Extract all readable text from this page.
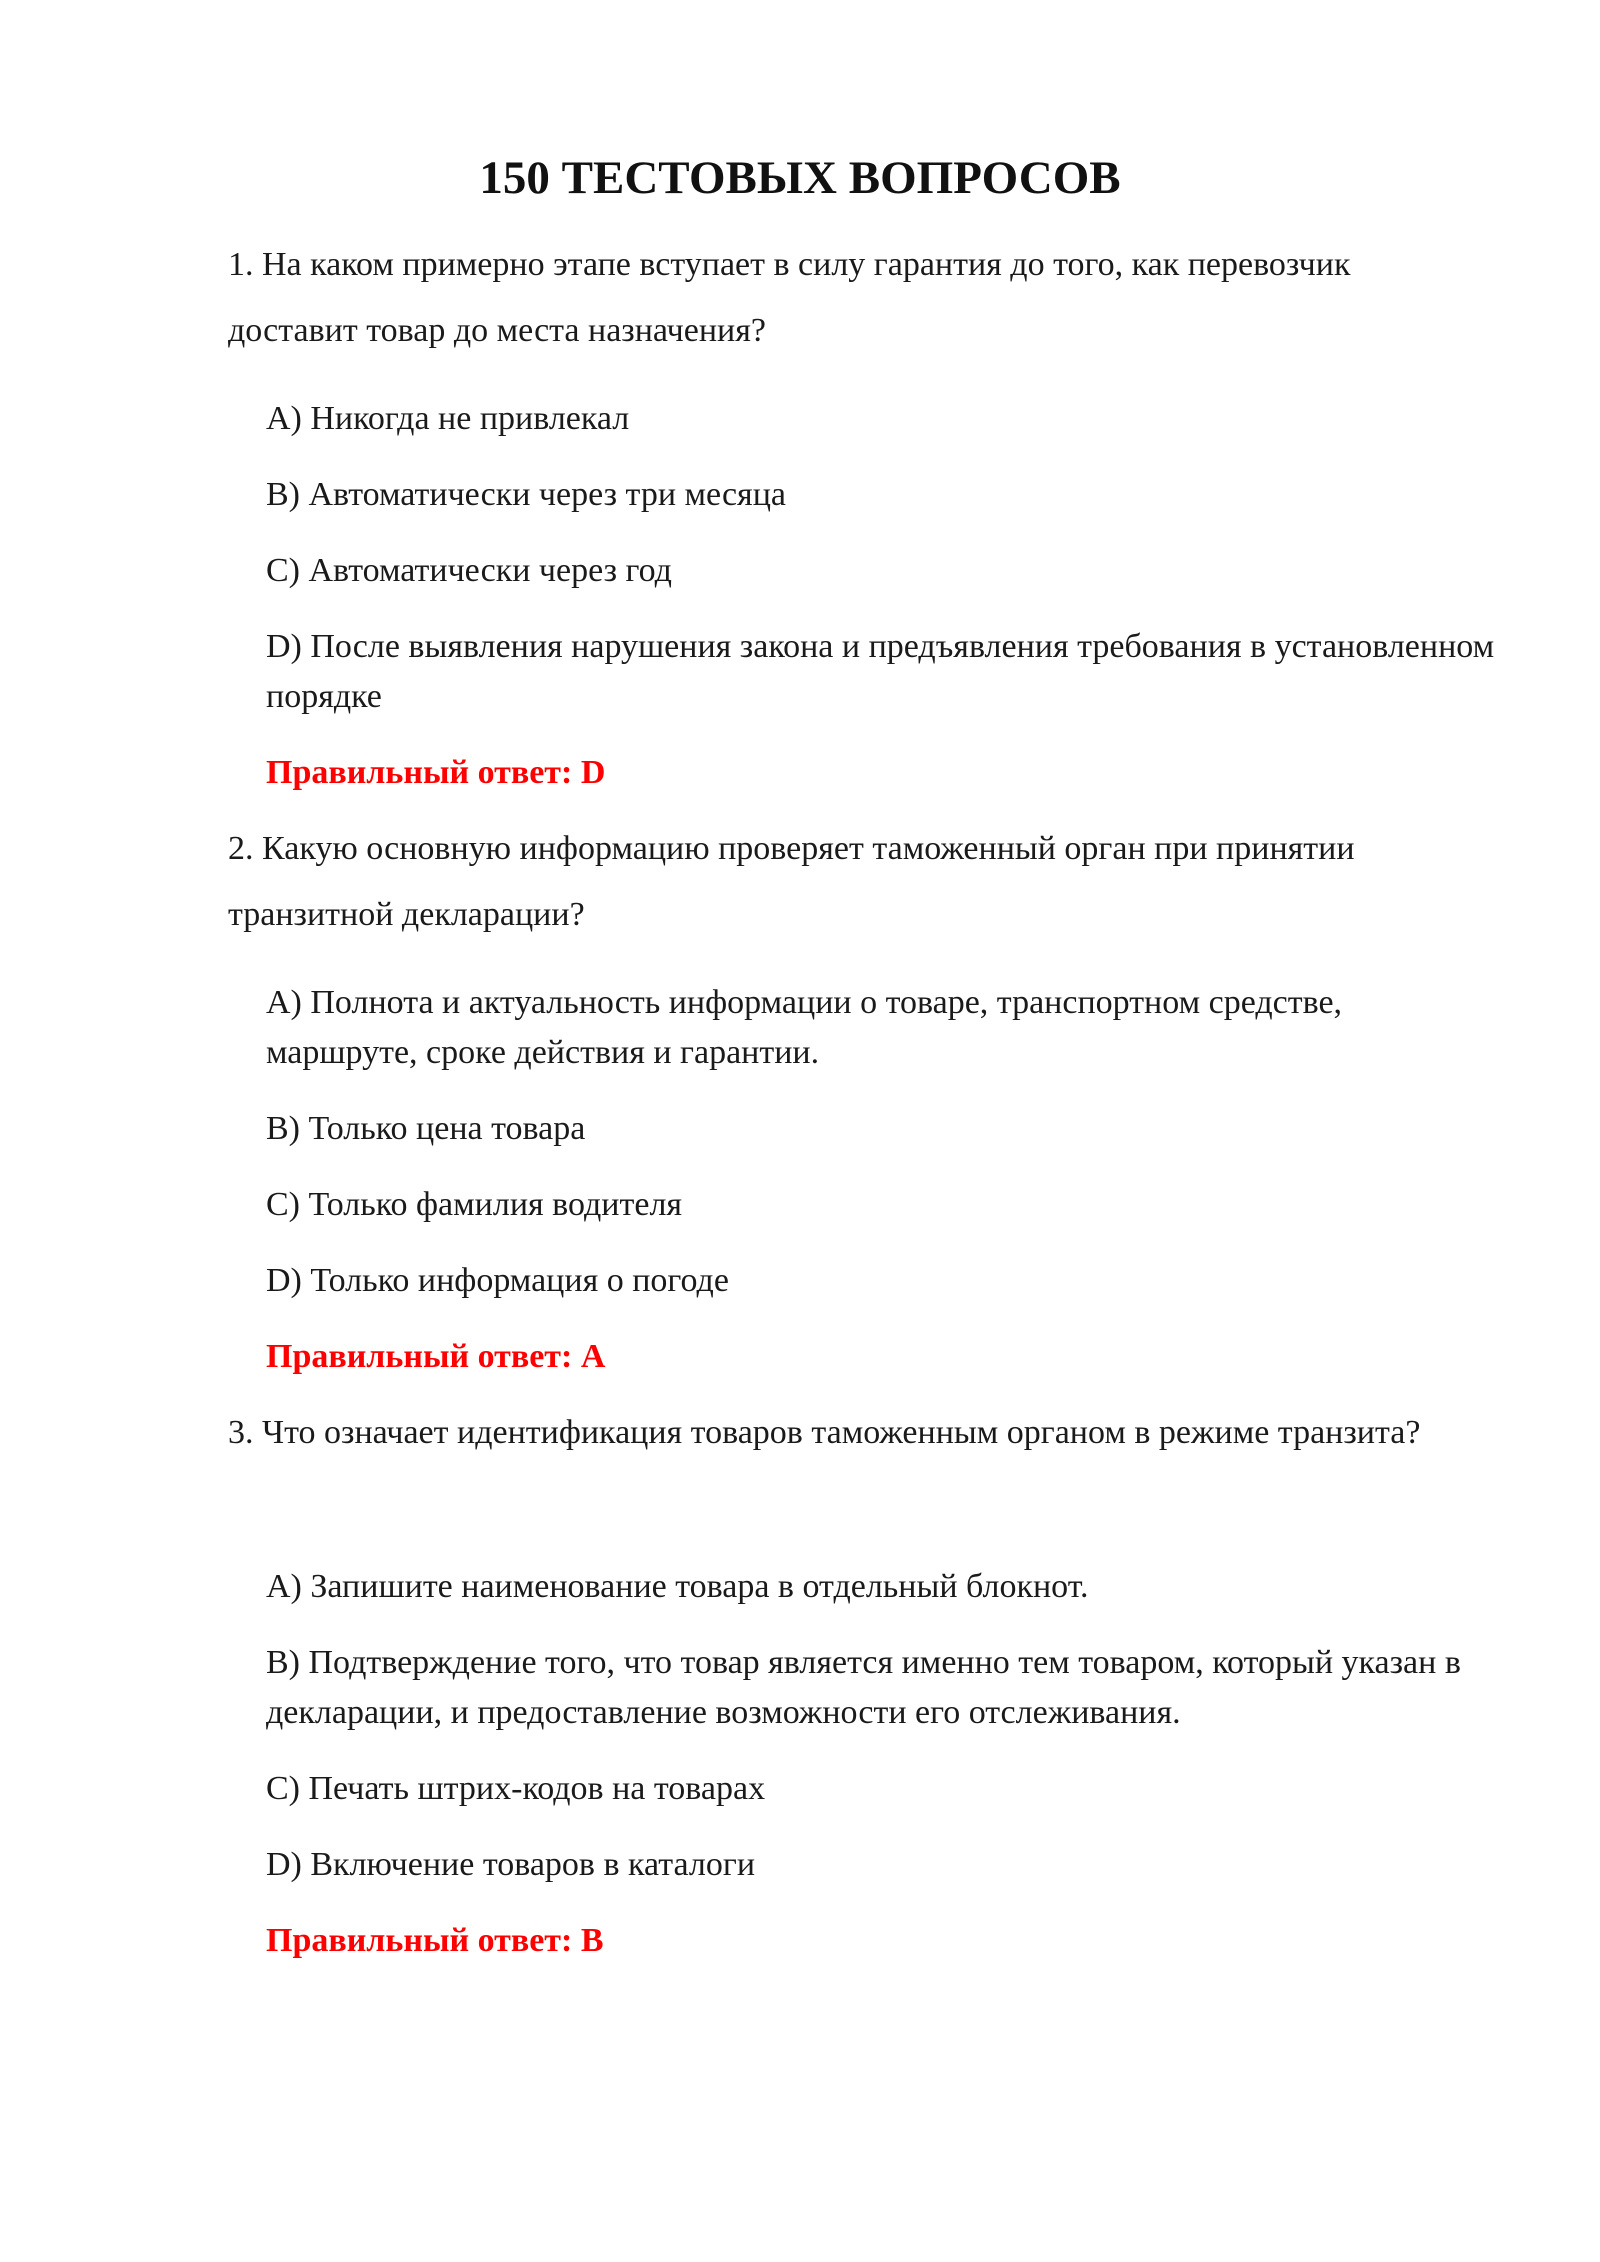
150 ТЕСТОВЫХ ВОПРОСОВ

1. На каком примерно этапе вступает в силу гарантия до того, как перевозчик доставит товар до места назначения?

A) Никогда не привлекал

B) Автоматически через три месяца

C) Автоматически через год

D) После выявления нарушения закона и предъявления требования в установленном порядке

Правильный ответ: D

2. Какую основную информацию проверяет таможенный орган при принятии транзитной декларации?

A) Полнота и актуальность информации о товаре, транспортном средстве, маршруте, сроке действия и гарантии.

B) Только цена товара

C) Только фамилия водителя

D) Только информация о погоде

Правильный ответ: A

3. Что означает идентификация товаров таможенным органом в режиме транзита?

A) Запишите наименование товара в отдельный блокнот.

B) Подтверждение того, что товар является именно тем товаром, который указан в декларации, и предоставление возможности его отслеживания.

C) Печать штрих-кодов на товарах

D) Включение товаров в каталоги

Правильный ответ: B
